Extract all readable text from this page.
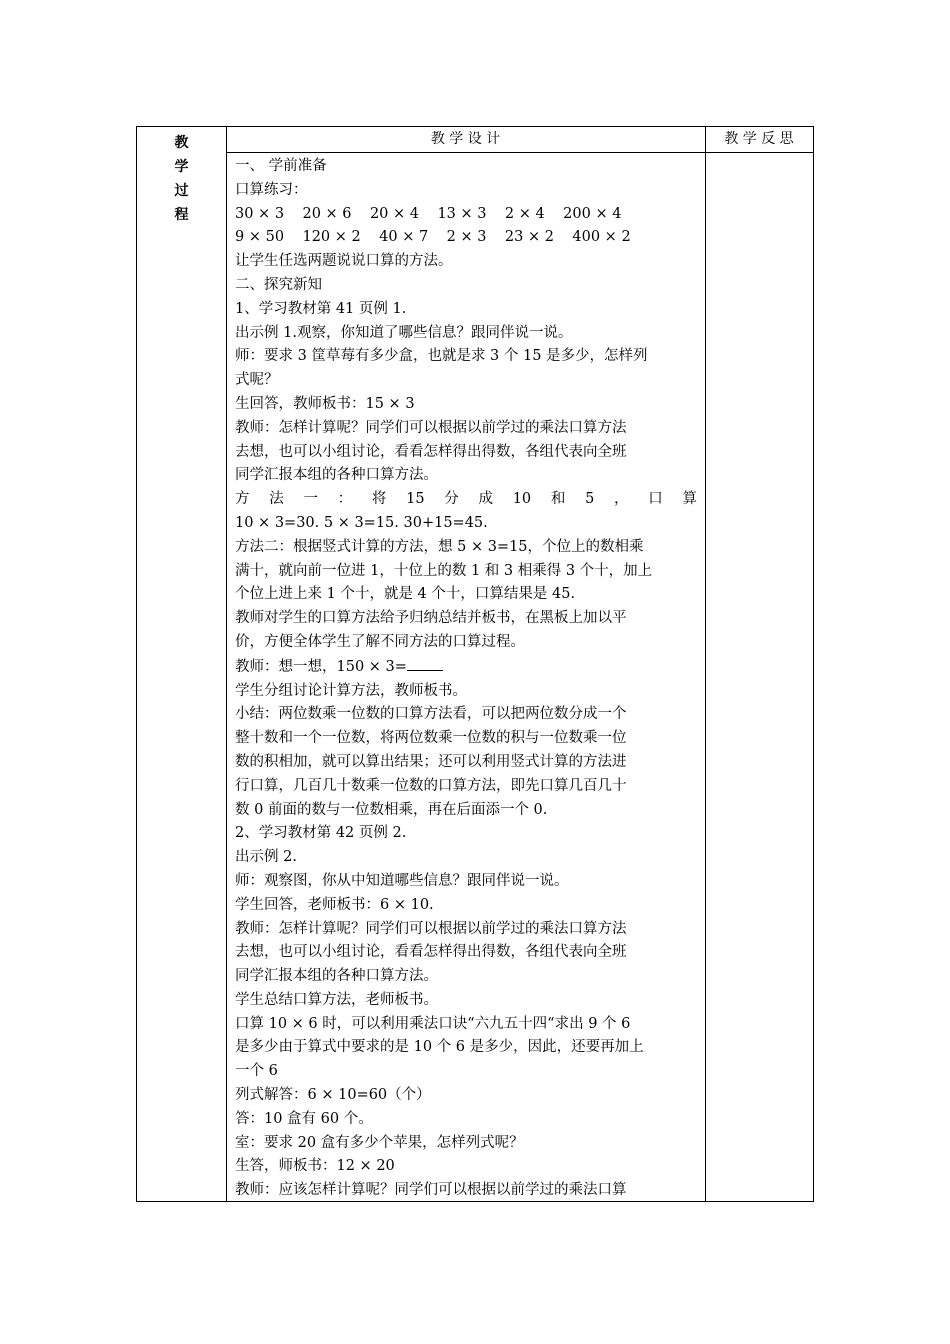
教
学
过
程
教 学 设 计	教 学 反 思
一、 学前准备
口算练习：
30 × 3    20 × 6    20 × 4    13 × 3    2 × 4    200 × 4
9 × 50    120 × 2    40 × 7    2 × 3    23 × 2    400 × 2
让学生任选两题说说口算的方法。
二、探究新知
1、学习教材第 41 页例 1.
出示例 1.观察，你知道了哪些信息？跟同伴说一说。
师：要求 3 筐草莓有多少盒，也就是求 3 个 15 是多少，怎样列
式呢？
生回答，教师板书：15 × 3
教师：怎样计算呢？同学们可以根据以前学过的乘法口算方法
去想，也可以小组讨论，看看怎样得出得数，各组代表向全班
同学汇报本组的各种口算方法。
方 法 一 ： 将 15 分 成 10 和 5 ， 口 算
10 × 3=30. 5 × 3=15. 30+15=45.
方法二：根据竖式计算的方法，想 5 × 3=15，个位上的数相乘
满十，就向前一位进 1，十位上的数 1 和 3 相乘得 3 个十，加上
个位上进上来 1 个十，就是 4 个十，口算结果是 45.
教师对学生的口算方法给予归纳总结并板书，在黑板上加以平
价，方便全体学生了解不同方法的口算过程。
教师：想一想，150 × 3=
学生分组讨论计算方法，教师板书。
小结：两位数乘一位数的口算方法看，可以把两位数分成一个
整十数和一个一位数，将两位数乘一位数的积与一位数乘一位
数的积相加，就可以算出结果；还可以利用竖式计算的方法进
行口算，几百几十数乘一位数的口算方法，即先口算几百几十
数 0 前面的数与一位数相乘，再在后面添一个 0.
2、学习教材第 42 页例 2.
出示例 2.
师：观察图，你从中知道哪些信息？跟同伴说一说。
学生回答，老师板书：6 × 10.
教师：怎样计算呢？同学们可以根据以前学过的乘法口算方法
去想，也可以小组讨论，看看怎样得出得数，各组代表向全班
同学汇报本组的各种口算方法。
学生总结口算方法，老师板书。
口算 10 × 6 时，可以利用乘法口诀“六九五十四“求出 9 个 6
是多少由于算式中要求的是 10 个 6 是多少，因此，还要再加上
一个 6
列式解答：6 × 10=60（个）
答：10 盒有 60 个。
室：要求 20 盒有多少个苹果，怎样列式呢？
生答，师板书：12 × 20
教师：应该怎样计算呢？同学们可以根据以前学过的乘法口算
